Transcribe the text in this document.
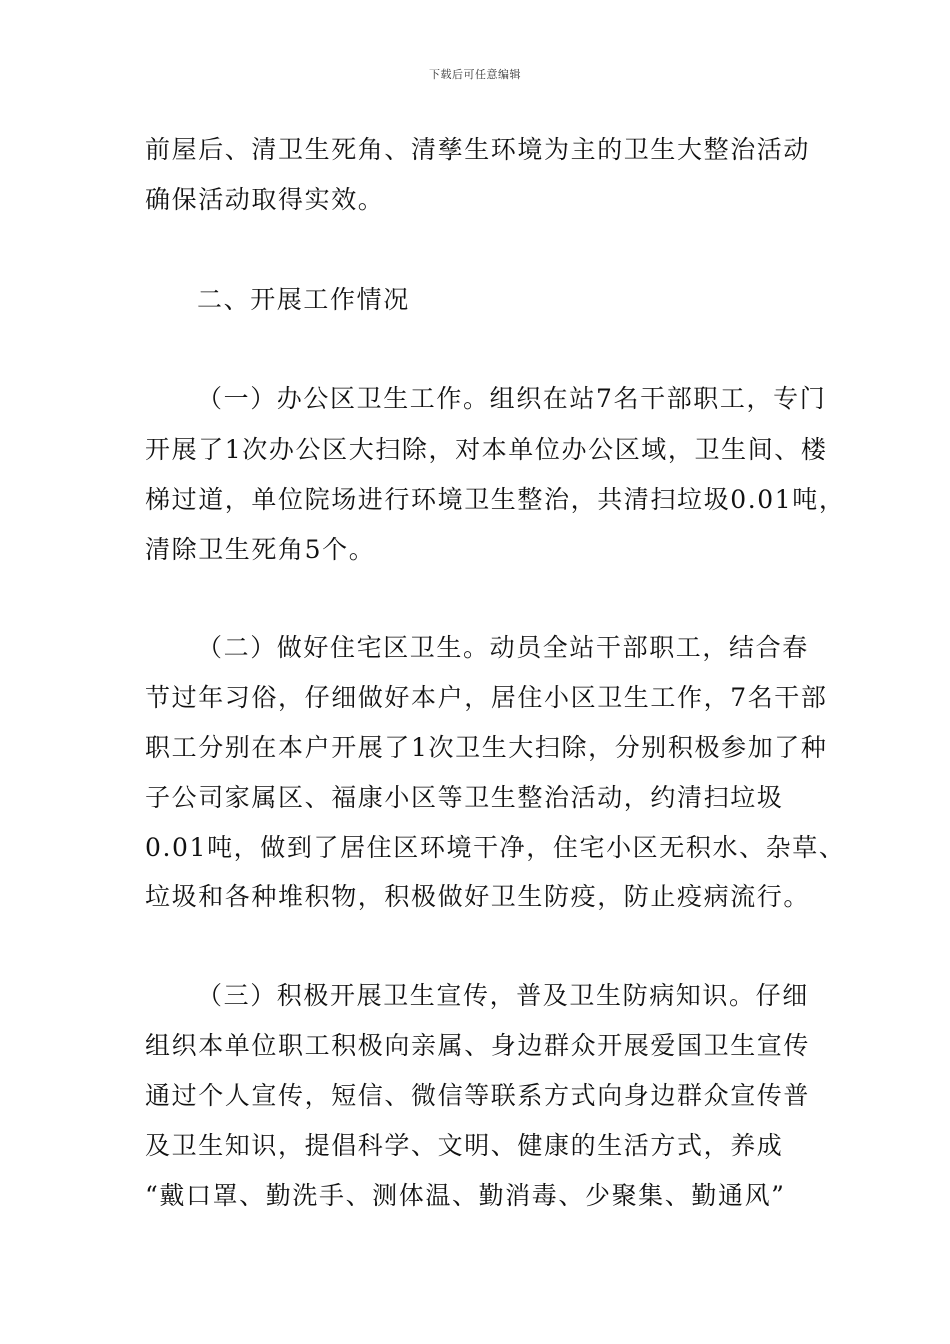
下载后可任意编辑
前屋后、清卫生死角、清孳生环境为主的卫生大整治活动
确保活动取得实效。
二、开展工作情况
（一）办公区卫生工作。组织在站7名干部职工，专门
开展了1次办公区大扫除，对本单位办公区域，卫生间、楼
梯过道，单位院场进行环境卫生整治，共清扫垃圾0.01吨，
清除卫生死角5个。
（二）做好住宅区卫生。动员全站干部职工，结合春
节过年习俗，仔细做好本户，居住小区卫生工作，7名干部
职工分别在本户开展了1次卫生大扫除，分别积极参加了种
子公司家属区、福康小区等卫生整治活动，约清扫垃圾
0.01吨，做到了居住区环境干净，住宅小区无积水、杂草、
垃圾和各种堆积物，积极做好卫生防疫，防止疫病流行。
（三）积极开展卫生宣传，普及卫生防病知识。仔细
组织本单位职工积极向亲属、身边群众开展爱国卫生宣传
通过个人宣传，短信、微信等联系方式向身边群众宣传普
及卫生知识，提倡科学、文明、健康的生活方式，养成
“戴口罩、勤洗手、测体温、勤消毒、少聚集、勤通风”
